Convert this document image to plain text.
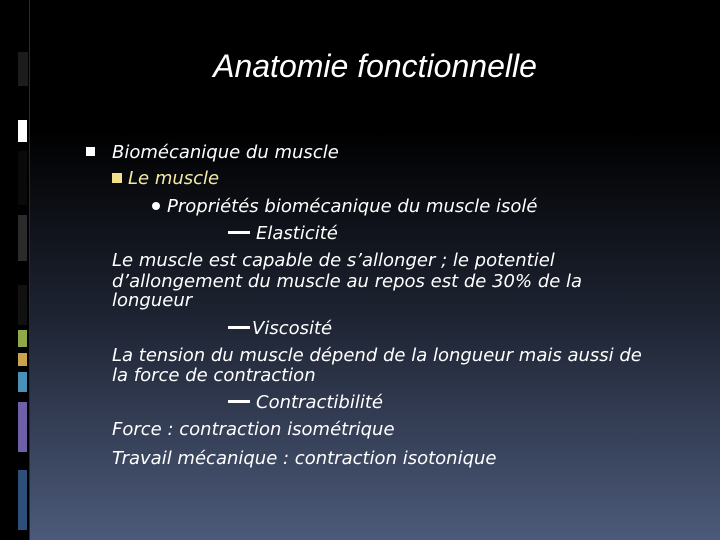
Anatomie fonctionnelle
Biomécanique du muscle
Le muscle
Propriétés biomécanique du muscle isolé
Elasticité
Le muscle est capable de s’allonger ; le potentiel
d’allongement du muscle au repos est de 30% de la
longueur
Viscosité
La tension du muscle dépend de la longueur mais aussi de
la force de contraction
Contractibilité
Force : contraction isométrique
Travail mécanique : contraction isotonique
